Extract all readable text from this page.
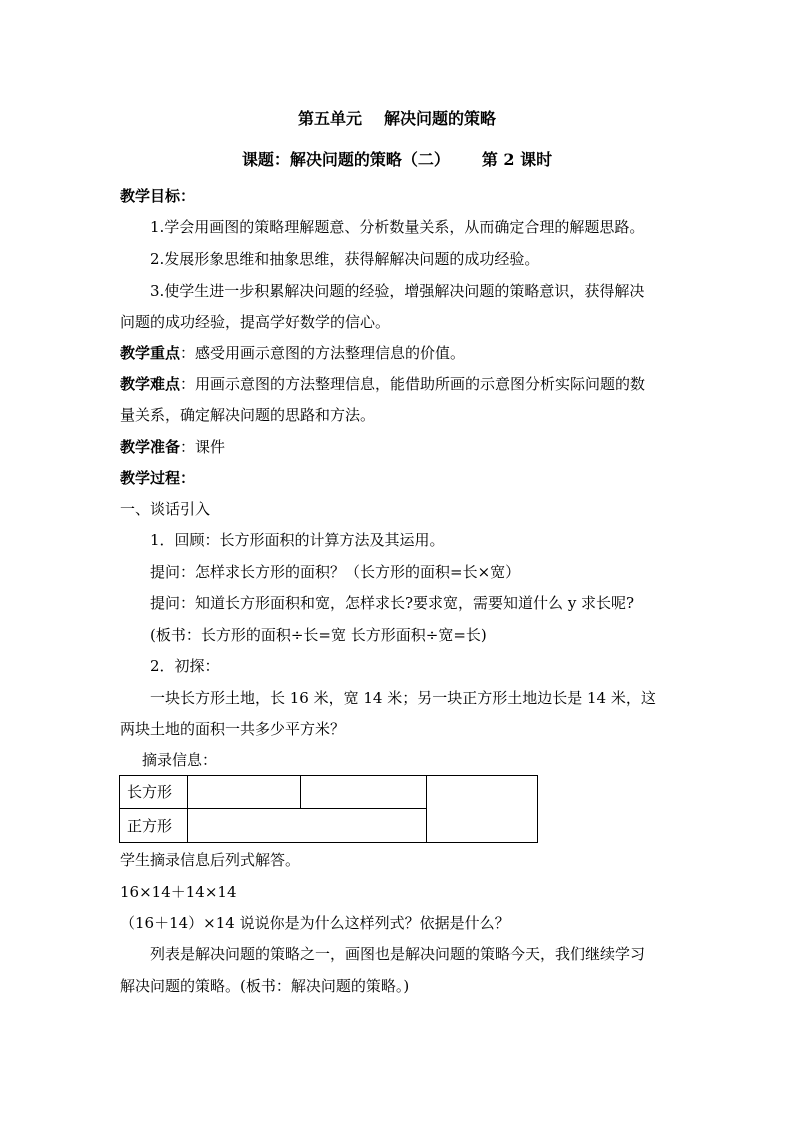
第五单元 解决问题的策略
课题：解决问题的策略（二） 第 2 课时
教学目标：
1.学会用画图的策略理解题意、分析数量关系，从而确定合理的解题思路。
2.发展形象思维和抽象思维，获得解解决问题的成功经验。
3.使学生进一步积累解决问题的经验，增强解决问题的策略意识，获得解决
问题的成功经验，提高学好数学的信心。
教学重点：感受用画示意图的方法整理信息的价值。
教学难点：用画示意图的方法整理信息，能借助所画的示意图分析实际问题的数
量关系，确定解决问题的思路和方法。
教学准备：课件
教学过程：
一、谈话引入
1．回顾：长方形面积的计算方法及其运用。
提问：怎样求长方形的面积？（长方形的面积=长×宽）
提问：知道长方形面积和宽，怎样求长?要求宽，需要知道什么 y 求长呢?
(板书：长方形的面积÷长=宽 长方形面积÷宽=长)
2．初探：
一块长方形土地，长 16 米，宽 14 米；另一块正方形土地边长是 14 米，这
两块土地的面积一共多少平方米？
摘录信息：
长方形
正方形
学生摘录信息后列式解答。
16×14＋14×14
（16＋14）×14 说说你是为什么这样列式？依据是什么？
列表是解决问题的策略之一，画图也是解决问题的策略今天，我们继续学习
解决问题的策略。(板书：解决问题的策略。)
